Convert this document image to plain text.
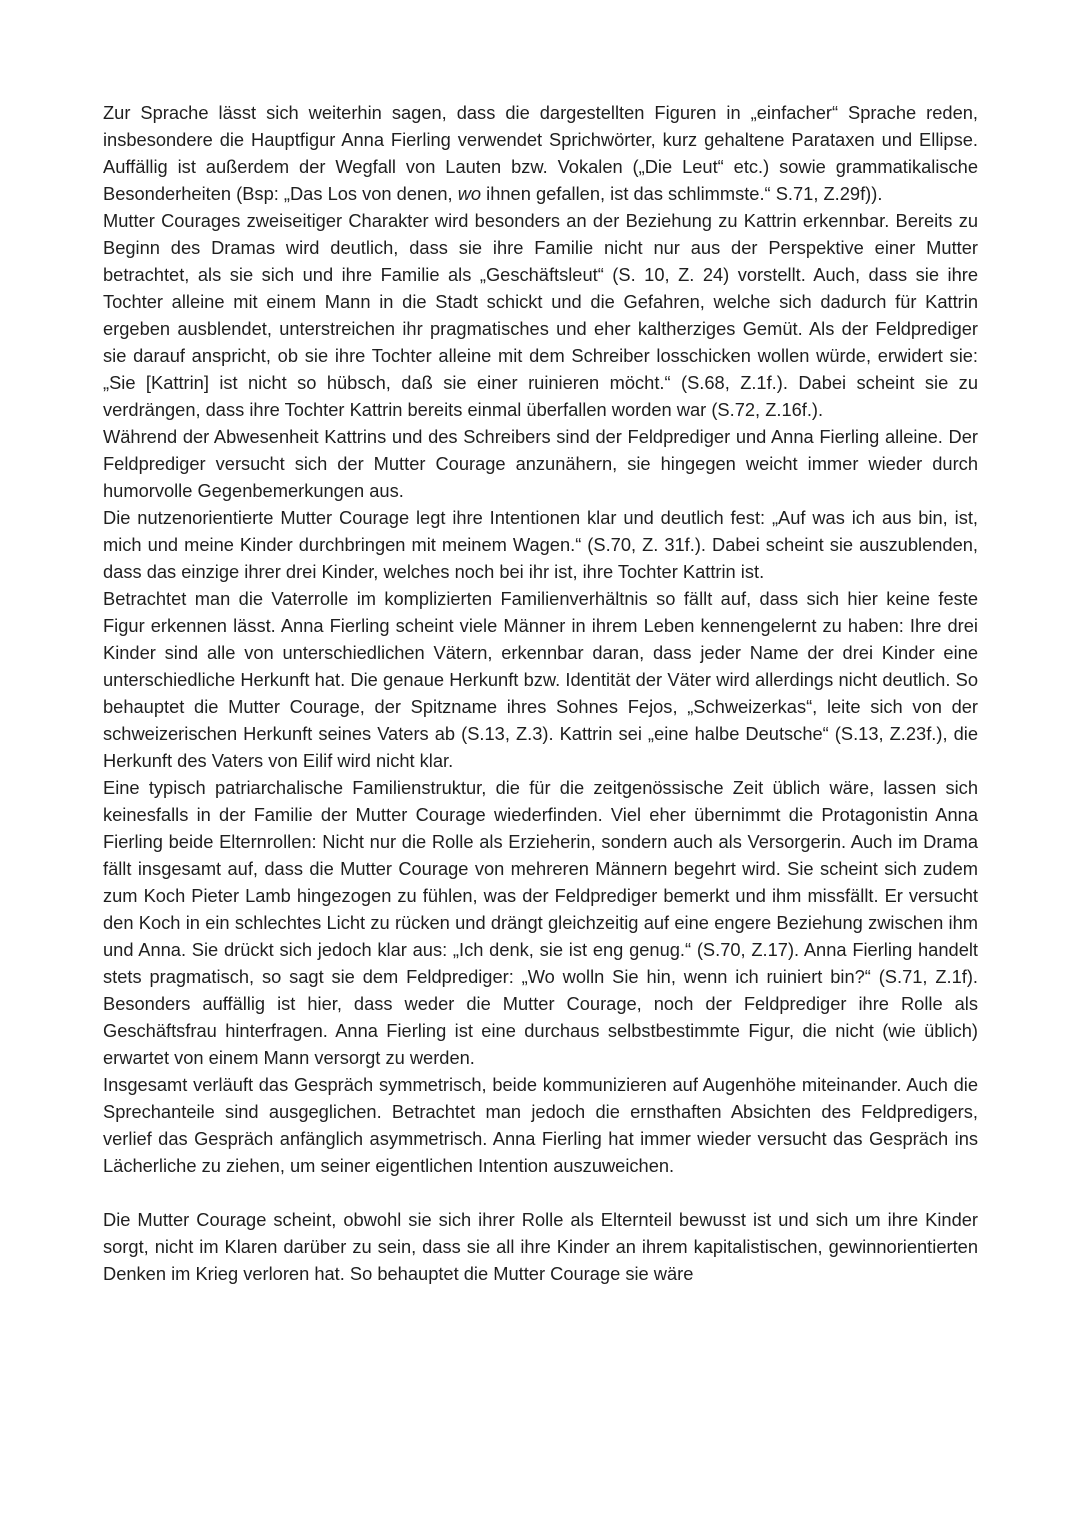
Zur Sprache lässt sich weiterhin sagen, dass die dargestellten Figuren in „einfacher“ Sprache reden, insbesondere die Hauptfigur Anna Fierling verwendet Sprichwörter, kurz gehaltene Parataxen und Ellipse. Auffällig ist außerdem der Wegfall von Lauten bzw. Vokalen („Die Leut“ etc.) sowie grammatikalische Besonderheiten (Bsp: „Das Los von denen, wo ihnen gefallen, ist das schlimmste.“ S.71, Z.29f)).

Mutter Courages zweiseitiger Charakter wird besonders an der Beziehung zu Kattrin erkennbar. Bereits zu Beginn des Dramas wird deutlich, dass sie ihre Familie nicht nur aus der Perspektive einer Mutter betrachtet, als sie sich und ihre Familie als „Geschäftsleut“ (S. 10, Z. 24) vorstellt. Auch, dass sie ihre Tochter alleine mit einem Mann in die Stadt schickt und die Gefahren, welche sich dadurch für Kattrin ergeben ausblendet, unterstreichen ihr pragmatisches und eher kaltherziges Gemüt. Als der Feldprediger sie darauf anspricht, ob sie ihre Tochter alleine mit dem Schreiber losschicken wollen würde, erwidert sie: „Sie [Kattrin] ist nicht so hübsch, daß sie einer ruinieren möcht.“ (S.68, Z.1f.). Dabei scheint sie zu verdrängen, dass ihre Tochter Kattrin bereits einmal überfallen worden war (S.72, Z.16f.).

Während der Abwesenheit Kattrins und des Schreibers sind der Feldprediger und Anna Fierling alleine. Der Feldprediger versucht sich der Mutter Courage anzunähern, sie hingegen weicht immer wieder durch humorvolle Gegenbemerkungen aus.

Die nutzenorientierte Mutter Courage legt ihre Intentionen klar und deutlich fest: „Auf was ich aus bin, ist, mich und meine Kinder durchbringen mit meinem Wagen.“ (S.70, Z. 31f.). Dabei scheint sie auszublenden, dass das einzige ihrer drei Kinder, welches noch bei ihr ist, ihre Tochter Kattrin ist.

Betrachtet man die Vaterrolle im komplizierten Familienverhältnis so fällt auf, dass sich hier keine feste Figur erkennen lässt. Anna Fierling scheint viele Männer in ihrem Leben kennengelernt zu haben: Ihre drei Kinder sind alle von unterschiedlichen Vätern, erkennbar daran, dass jeder Name der drei Kinder eine unterschiedliche Herkunft hat. Die genaue Herkunft bzw. Identität der Väter wird allerdings nicht deutlich. So behauptet die Mutter Courage, der Spitzname ihres Sohnes Fejos, „Schweizerkas“, leite sich von der schweizerischen Herkunft seines Vaters ab (S.13, Z.3). Kattrin sei „eine halbe Deutsche“ (S.13, Z.23f.), die Herkunft des Vaters von Eilif wird nicht klar.

Eine typisch patriarchalische Familienstruktur, die für die zeitgenössische Zeit üblich wäre, lassen sich keinesfalls in der Familie der Mutter Courage wiederfinden. Viel eher übernimmt die Protagonistin Anna Fierling beide Elternrollen: Nicht nur die Rolle als Erzieherin, sondern auch als Versorgerin. Auch im Drama fällt insgesamt auf, dass die Mutter Courage von mehreren Männern begehrt wird. Sie scheint sich zudem zum Koch Pieter Lamb hingezogen zu fühlen, was der Feldprediger bemerkt und ihm missfällt. Er versucht den Koch in ein schlechtes Licht zu rücken und drängt gleichzeitig auf eine engere Beziehung zwischen ihm und Anna. Sie drückt sich jedoch klar aus: „Ich denk, sie ist eng genug.“ (S.70, Z.17). Anna Fierling handelt stets pragmatisch, so sagt sie dem Feldprediger: „Wo wolln Sie hin, wenn ich ruiniert bin?“ (S.71, Z.1f). Besonders auffällig ist hier, dass weder die Mutter Courage, noch der Feldprediger ihre Rolle als Geschäftsfrau hinterfragen. Anna Fierling ist eine durchaus selbstbestimmte Figur, die nicht (wie üblich) erwartet von einem Mann versorgt zu werden.

Insgesamt verläuft das Gespräch symmetrisch, beide kommunizieren auf Augenhöhe miteinander. Auch die Sprechanteile sind ausgeglichen. Betrachtet man jedoch die ernsthaften Absichten des Feldpredigers, verlief das Gespräch anfänglich asymmetrisch. Anna Fierling hat immer wieder versucht das Gespräch ins Lächerliche zu ziehen, um seiner eigentlichen Intention auszuweichen.

Die Mutter Courage scheint, obwohl sie sich ihrer Rolle als Elternteil bewusst ist und sich um ihre Kinder sorgt, nicht im Klaren darüber zu sein, dass sie all ihre Kinder an ihrem kapitalistischen, gewinnorientierten Denken im Krieg verloren hat. So behauptet die Mutter Courage sie wäre
